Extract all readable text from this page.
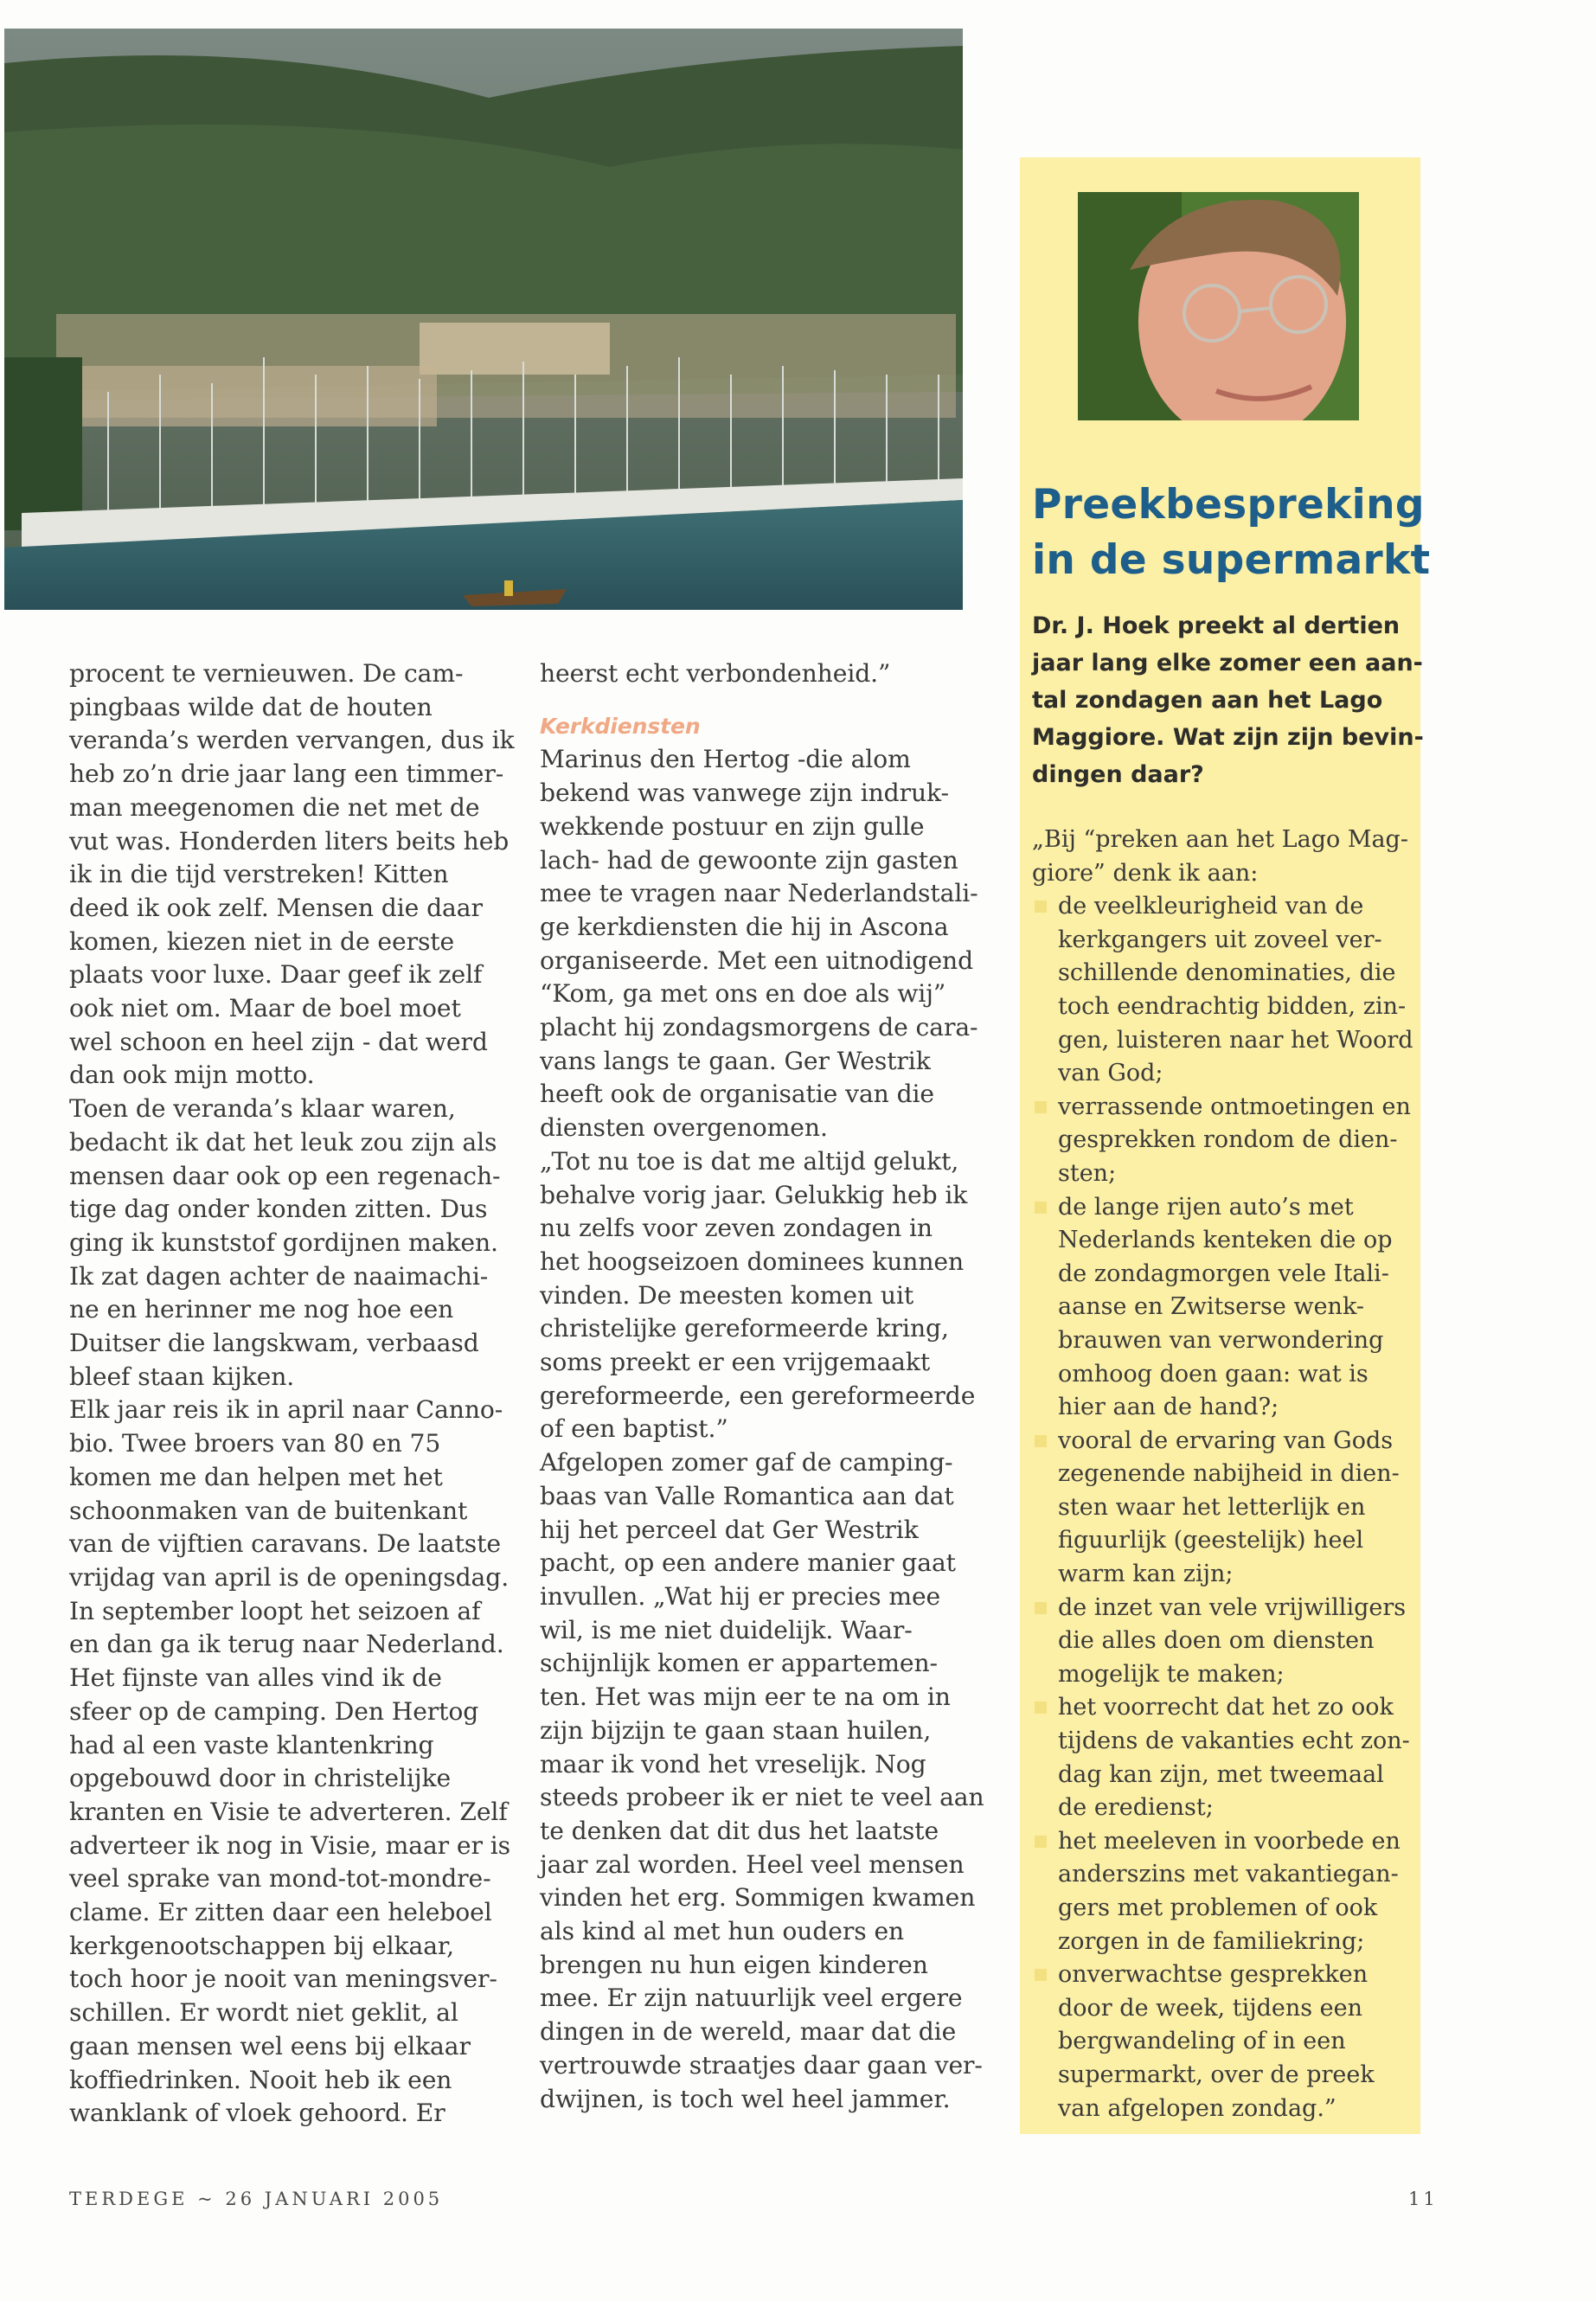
procent te vernieuwen. De cam-
pingbaas wilde dat de houten
veranda’s werden vervangen, dus ik
heb zo’n drie jaar lang een timmer-
man meegenomen die net met de
vut was. Honderden liters beits heb
ik in die tijd verstreken! Kitten
deed ik ook zelf. Mensen die daar
komen, kiezen niet in de eerste
plaats voor luxe. Daar geef ik zelf
ook niet om. Maar de boel moet
wel schoon en heel zijn - dat werd
dan ook mijn motto.
Toen de veranda’s klaar waren,
bedacht ik dat het leuk zou zijn als
mensen daar ook op een regenach-
tige dag onder konden zitten. Dus
ging ik kunststof gordijnen maken.
Ik zat dagen achter de naaimachi-
ne en herinner me nog hoe een
Duitser die langskwam, verbaasd
bleef staan kijken.
Elk jaar reis ik in april naar Canno-
bio. Twee broers van 80 en 75
komen me dan helpen met het
schoonmaken van de buitenkant
van de vijftien caravans. De laatste
vrijdag van april is de openingsdag.
In september loopt het seizoen af
en dan ga ik terug naar Nederland.
Het fijnste van alles vind ik de
sfeer op de camping. Den Hertog
had al een vaste klantenkring
opgebouwd door in christelijke
kranten en Visie te adverteren. Zelf
adverteer ik nog in Visie, maar er is
veel sprake van mond-tot-mondre-
clame. Er zitten daar een heleboel
kerkgenootschappen bij elkaar,
toch hoor je nooit van meningsver-
schillen. Er wordt niet geklit, al
gaan mensen wel eens bij elkaar
koffiedrinken. Nooit heb ik een
wanklank of vloek gehoord. Er
heerst echt verbondenheid.”
Kerkdiensten
Marinus den Hertog -die alom
bekend was vanwege zijn indruk-
wekkende postuur en zijn gulle
lach- had de gewoonte zijn gasten
mee te vragen naar Nederlandstali-
ge kerkdiensten die hij in Ascona
organiseerde. Met een uitnodigend
“Kom, ga met ons en doe als wij”
placht hij zondagsmorgens de cara-
vans langs te gaan. Ger Westrik
heeft ook de organisatie van die
diensten overgenomen.
„Tot nu toe is dat me altijd gelukt,
behalve vorig jaar. Gelukkig heb ik
nu zelfs voor zeven zondagen in
het hoogseizoen dominees kunnen
vinden. De meesten komen uit
christelijke gereformeerde kring,
soms preekt er een vrijgemaakt
gereformeerde, een gereformeerde
of een baptist.”
Afgelopen zomer gaf de camping-
baas van Valle Romantica aan dat
hij het perceel dat Ger Westrik
pacht, op een andere manier gaat
invullen. „Wat hij er precies mee
wil, is me niet duidelijk. Waar-
schijnlijk komen er appartemen-
ten. Het was mijn eer te na om in
zijn bijzijn te gaan staan huilen,
maar ik vond het vreselijk. Nog
steeds probeer ik er niet te veel aan
te denken dat dit dus het laatste
jaar zal worden. Heel veel mensen
vinden het erg. Sommigen kwamen
als kind al met hun ouders en
brengen nu hun eigen kinderen
mee. Er zijn natuurlijk veel ergere
dingen in de wereld, maar dat die
vertrouwde straatjes daar gaan ver-
dwijnen, is toch wel heel jammer.
Preekbespreking
in de supermarkt
Dr. J. Hoek preekt al dertien
jaar lang elke zomer een aan-
tal zondagen aan het Lago
Maggiore. Wat zijn zijn bevin-
dingen daar?
„Bij “preken aan het Lago Mag-
giore” denk ik aan:
de veelkleurigheid van de
kerkgangers uit zoveel ver-
schillende denominaties, die
toch eendrachtig bidden, zin-
gen, luisteren naar het Woord
van God;
verrassende ontmoetingen en
gesprekken rondom de dien-
sten;
de lange rijen auto’s met
Nederlands kenteken die op
de zondagmorgen vele Itali-
aanse en Zwitserse wenk-
brauwen van verwondering
omhoog doen gaan: wat is
hier aan de hand?;
vooral de ervaring van Gods
zegenende nabijheid in dien-
sten waar het letterlijk en
figuurlijk (geestelijk) heel
warm kan zijn;
de inzet van vele vrijwilligers
die alles doen om diensten
mogelijk te maken;
het voorrecht dat het zo ook
tijdens de vakanties echt zon-
dag kan zijn, met tweemaal
de eredienst;
het meeleven in voorbede en
anderszins met vakantiegan-
gers met problemen of ook
zorgen in de familiekring;
onverwachtse gesprekken
door de week, tijdens een
bergwandeling of in een
supermarkt, over de preek
van afgelopen zondag.”
TERDEGE ~ 26 JANUARI 2005	11
